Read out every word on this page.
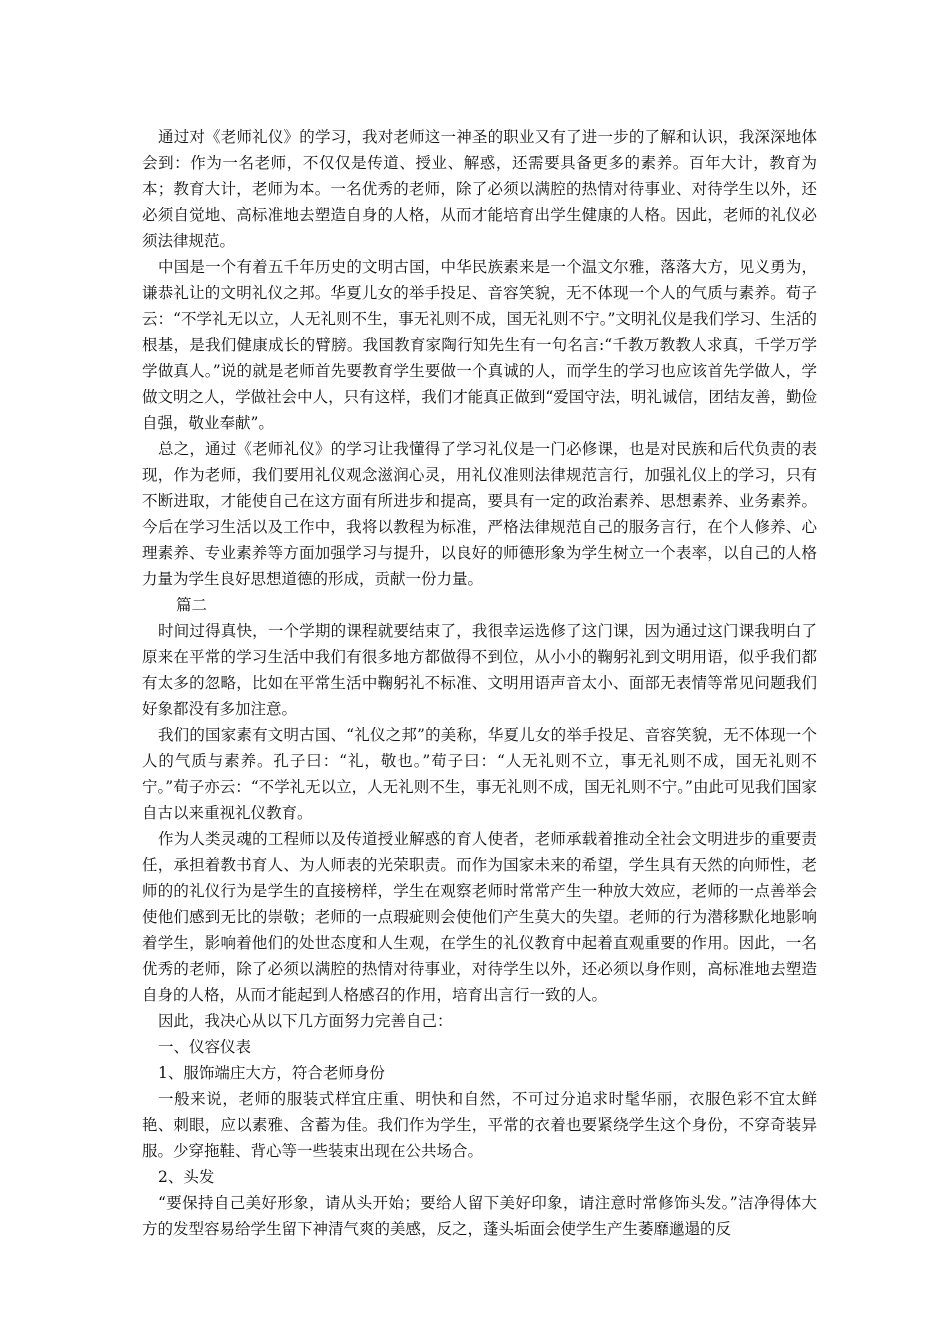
通过对《老师礼仪》的学习，我对老师这一神圣的职业又有了进一步的了解和认识，我深深地体会到：作为一名老师，不仅仅是传道、授业、解惑，还需要具备更多的素养。百年大计，教育为本；教育大计，老师为本。一名优秀的老师，除了必须以满腔的热情对待事业、对待学生以外，还必须自觉地、高标准地去塑造自身的人格，从而才能培育出学生健康的人格。因此，老师的礼仪必须法律规范。

中国是一个有着五千年历史的文明古国，中华民族素来是一个温文尔雅，落落大方，见义勇为，谦恭礼让的文明礼仪之邦。华夏儿女的举手投足、音容笑貌，无不体现一个人的气质与素养。荀子云：“不学礼无以立，人无礼则不生，事无礼则不成，国无礼则不宁。”文明礼仪是我们学习、生活的根基，是我们健康成长的臂膀。我国教育家陶行知先生有一句名言:“千教万教教人求真，千学万学学做真人。”说的就是老师首先要教育学生要做一个真诚的人，而学生的学习也应该首先学做人，学做文明之人，学做社会中人，只有这样，我们才能真正做到“爱国守法，明礼诚信，团结友善，勤俭自强，敬业奉献”。

总之，通过《老师礼仪》的学习让我懂得了学习礼仪是一门必修课，也是对民族和后代负责的表现，作为老师，我们要用礼仪观念滋润心灵，用礼仪准则法律规范言行，加强礼仪上的学习，只有不断进取，才能使自己在这方面有所进步和提高，要具有一定的政治素养、思想素养、业务素养。今后在学习生活以及工作中，我将以教程为标准，严格法律规范自己的服务言行，在个人修养、心理素养、专业素养等方面加强学习与提升，以良好的师德形象为学生树立一个表率，以自己的人格力量为学生良好思想道德的形成，贡献一份力量。

篇二

时间过得真快，一个学期的课程就要结束了，我很幸运选修了这门课，因为通过这门课我明白了原来在平常的学习生活中我们有很多地方都做得不到位，从小小的鞠躬礼到文明用语，似乎我们都有太多的忽略，比如在平常生活中鞠躬礼不标准、文明用语声音太小、面部无表情等常见问题我们好象都没有多加注意。

我们的国家素有文明古国、“礼仪之邦”的美称，华夏儿女的举手投足、音容笑貌，无不体现一个人的气质与素养。孔子曰：“礼，敬也。”荀子曰：“人无礼则不立，事无礼则不成，国无礼则不宁。”荀子亦云：“不学礼无以立，人无礼则不生，事无礼则不成，国无礼则不宁。”由此可见我们国家自古以来重视礼仪教育。

作为人类灵魂的工程师以及传道授业解惑的育人使者，老师承载着推动全社会文明进步的重要责任，承担着教书育人、为人师表的光荣职责。而作为国家未来的希望，学生具有天然的向师性，老师的的礼仪行为是学生的直接榜样，学生在观察老师时常常产生一种放大效应，老师的一点善举会使他们感到无比的崇敬；老师的一点瑕疵则会使他们产生莫大的失望。老师的行为潜移默化地影响着学生，影响着他们的处世态度和人生观，在学生的礼仪教育中起着直观重要的作用。因此，一名优秀的老师，除了必须以满腔的热情对待事业，对待学生以外，还必须以身作则，高标准地去塑造自身的人格，从而才能起到人格感召的作用，培育出言行一致的人。

因此，我决心从以下几方面努力完善自己：

一、仪容仪表

1、服饰端庄大方，符合老师身份

一般来说，老师的服装式样宜庄重、明快和自然，不可过分追求时髦华丽，衣服色彩不宜太鲜艳、刺眼，应以素雅、含蓄为佳。我们作为学生，平常的衣着也要紧绕学生这个身份，不穿奇装异服。少穿拖鞋、背心等一些装束出现在公共场合。

2、头发

“要保持自己美好形象，请从头开始；要给人留下美好印象，请注意时常修饰头发。”洁净得体大方的发型容易给学生留下神清气爽的美感，反之，蓬头垢面会使学生产生萎靡邋遢的反
